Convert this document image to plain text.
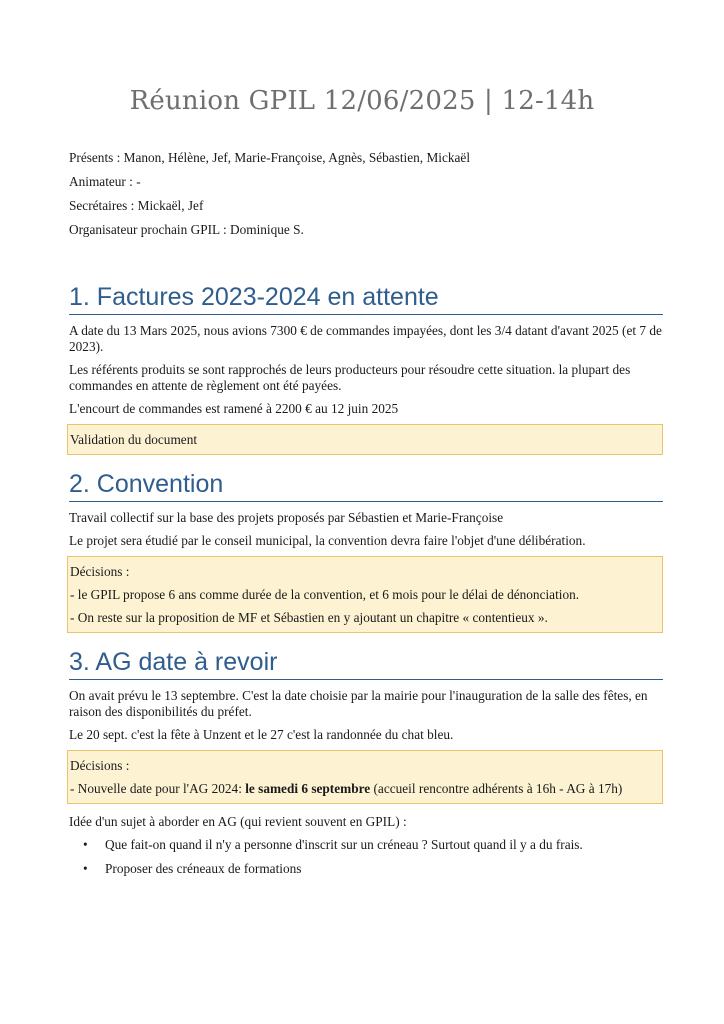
Réunion GPIL 12/06/2025 | 12-14h

Présents : Manon, Hélène, Jef, Marie-Françoise, Agnès, Sébastien, Mickaël

Animateur : -

Secrétaires : Mickaël, Jef

Organisateur prochain GPIL : Dominique S.

1. Factures 2023-2024 en attente

A date du 13 Mars 2025, nous avions 7300 € de commandes impayées, dont les 3/4 datant d'avant 2025 (et 7 de 2023).

Les référents produits se sont rapprochés de leurs producteurs pour résoudre cette situation. la plupart des commandes en attente de règlement ont été payées.

L'encourt de commandes est ramené à 2200 € au 12 juin 2025

Validation du document

2. Convention

Travail collectif sur la base des projets proposés par Sébastien et Marie-Françoise

Le projet sera étudié par le conseil municipal, la convention devra faire l'objet d'une délibération.

Décisions :

- le GPIL propose 6 ans comme durée de la convention, et 6 mois pour le délai de dénonciation.

- On reste sur la proposition de MF et Sébastien en y ajoutant un chapitre « contentieux ».

3. AG date à revoir

On avait prévu le 13 septembre. C'est la date choisie par la mairie pour l'inauguration de la salle des fêtes, en raison des disponibilités du préfet.

Le 20 sept. c'est la fête à Unzent et le 27 c'est la randonnée du chat bleu.

Décisions :

- Nouvelle date pour l'AG 2024: le samedi 6 septembre (accueil rencontre adhérents à 16h - AG à 17h)

Idée d'un sujet à aborder en AG (qui revient souvent en GPIL) :

• Que fait-on quand il n'y a personne d'inscrit sur un créneau ? Surtout quand il y a du frais.
• Proposer des créneaux de formations
